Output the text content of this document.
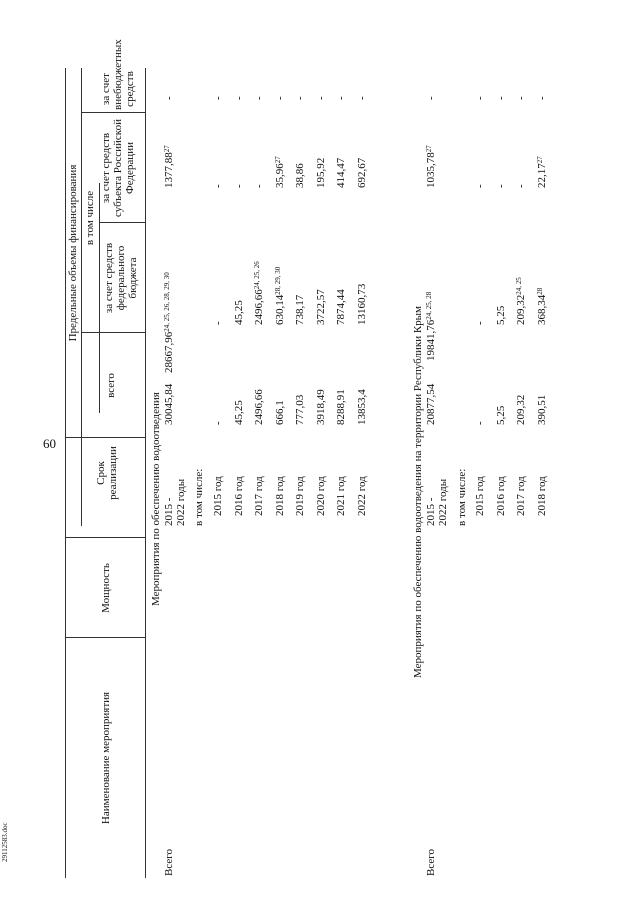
60
29112583.doc
Наименование мероприятия
Мощность
Срок реализации
Предельные объемы финансирования
всего
в том числе
за счет средств федерального бюджета
за счет средств субъекта Российской Федерации
за счет внебюджетных средств
Мероприятия по обеспечению водоотведения
Всего
2015 - 2022 годы
30045,84
28667,96$^{24, 25, 26, 28, 29, 30}$
1377,88$^{27}$
-
в том числе: 2015 год
-
-
-
-
2016 год
45,25
45,25
-
-
2017 год
2496,66
2496,66$^{24, 25, 26}$
-
-
2018 год
666,1
630,14$^{28, 29, 30}$
35,96$^{27}$
-
2019 год
777,03
738,17
38,86
-
2020 год
3918,49
3722,57
195,92
-
2021 год
8288,91
7874,44
414,47
-
2022 год
13853,4
13160,73
692,67
-
Мероприятия по обеспечению водоотведения на территории Республики Крым
Всего
2015 - 2022 годы
20877,54
19841,76$^{24, 25, 28}$
1035,78$^{27}$
-
в том числе: 2015 год
-
-
-
-
2016 год
5,25
5,25
-
-
2017 год
209,32
209,32$^{24, 25}$
-
-
2018 год
390,51
368,34$^{28}$
22,17$^{27}$
-
